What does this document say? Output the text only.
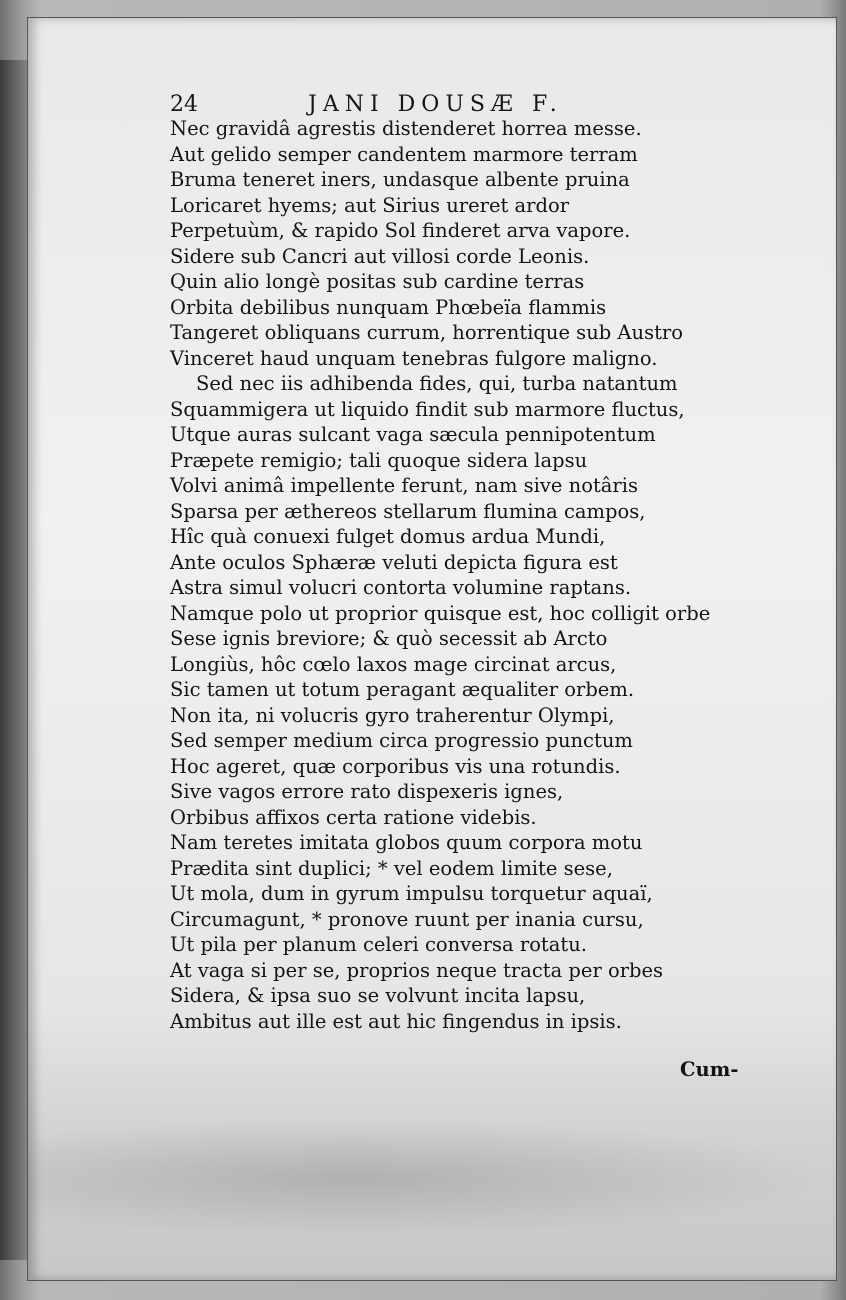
24	JANI DOUSÆ F.
Nec gravidâ agrestis distenderet horrea messe.
Aut gelido semper candentem marmore terram
Bruma teneret iners, undasque albente pruina
Loricaret hyems; aut Sirius ureret ardor
Perpetuùm, & rapido Sol finderet arva vapore.
Sidere sub Cancri aut villosi corde Leonis.
Quin alio longè positas sub cardine terras
Orbita debilibus nunquam Phœbeïa flammis
Tangeret obliquans currum, horrentique sub Austro
Vinceret haud unquam tenebras fulgore maligno.
Sed nec iis adhibenda fides, qui, turba natantum
Squammigera ut liquido findit sub marmore fluctus,
Utque auras sulcant vaga sæcula pennipotentum
Præpete remigio; tali quoque sidera lapsu
Volvi animâ impellente ferunt, nam sive notâris
Sparsa per æthereos stellarum flumina campos,
Hîc quà conuexi fulget domus ardua Mundi,
Ante oculos Sphæræ veluti depicta figura est
Astra simul volucri contorta volumine raptans.
Namque polo ut proprior quisque est, hoc colligit orbe
Sese ignis breviore; & quò secessit ab Arcto
Longiùs, hôc cœlo laxos mage circinat arcus,
Sic tamen ut totum peragant æqualiter orbem.
Non ita, ni volucris gyro traherentur Olympi,
Sed semper medium circa progressio punctum
Hoc ageret, quæ corporibus vis una rotundis.
Sive vagos errore rato dispexeris ignes,
Orbibus affixos certa ratione videbis.
Nam teretes imitata globos quum corpora motu
Prædita sint duplici; * vel eodem limite sese,
Ut mola, dum in gyrum impulsu torquetur aquaï,
Circumagunt, * pronove ruunt per inania cursu,
Ut pila per planum celeri conversa rotatu.
At vaga si per se, proprios neque tracta per orbes
Sidera, & ipsa suo se volvunt incita lapsu,
Ambitus aut ille est aut hic fingendus in ipsis.
Cum-
